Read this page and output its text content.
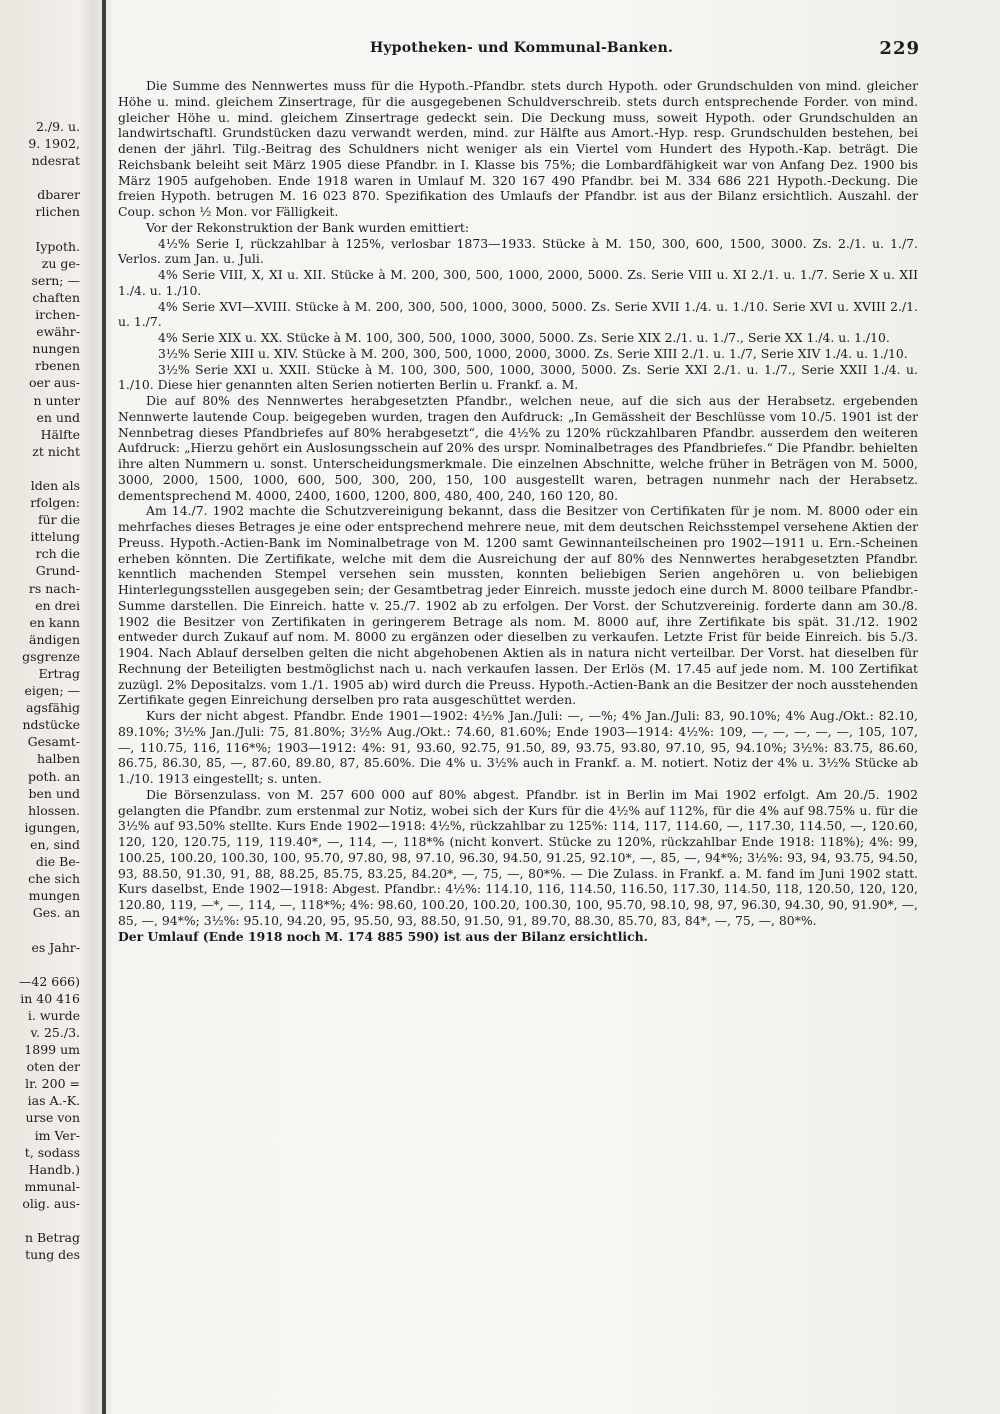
2./9. u.
9. 1902,
ndesrat
dbarer
rlichen
Iypoth.
zu ge-
sern; —
chaften
irchen-
ewähr-
nungen
rbenen
oer aus-
n unter
en und
Hälfte
zt nicht
lden als
rfolgen:
für die
ittelung
rch die
Grund-
rs nach-
en drei
en kann
ändigen
gsgrenze
Ertrag
eigen; —
agsfähig
ndstücke
Gesamt-
halben
poth. an
ben und
hlossen.
igungen,
en, sind
die Be-
che sich
mungen
Ges. an
es Jahr-
—42 666)
in 40 416
i. wurde
v. 25./3.
1899 um
oten der
lr. 200 =
ias A.-K.
urse von
im Ver-
t, sodass
Handb.)
mmunal-
olig. aus-
n Betrag
tung des
Hypotheken- und Kommunal-Banken.	229

Die Summe des Nennwertes muss für die Hypoth.-Pfandbr. stets durch Hypoth. oder Grundschulden von mind. gleicher Höhe u. mind. gleichem Zinsertrage, für die ausgegebenen Schuldverschreib. stets durch entsprechende Forder. von mind. gleicher Höhe u. mind. gleichem Zinsertrage gedeckt sein. Die Deckung muss, soweit Hypoth. oder Grundschulden an landwirtschaftl. Grundstücken dazu verwandt werden, mind. zur Hälfte aus Amort.-Hyp. resp. Grundschulden bestehen, bei denen der jährl. Tilg.-Beitrag des Schuldners nicht weniger als ein Viertel vom Hundert des Hypoth.-Kap. beträgt. Die Reichsbank beleiht seit März 1905 diese Pfandbr. in I. Klasse bis 75%; die Lombardfähigkeit war von Anfang Dez. 1900 bis März 1905 aufgehoben. Ende 1918 waren in Umlauf M. 320 167 490 Pfandbr. bei M. 334 686 221 Hypoth.-Deckung. Die freien Hypoth. betrugen M. 16 023 870. Spezifikation des Umlaufs der Pfandbr. ist aus der Bilanz ersichtlich. Auszahl. der Coup. schon ½ Mon. vor Fälligkeit.

Vor der Rekonstruktion der Bank wurden emittiert:

4½% Serie I, rückzahlbar à 125%, verlosbar 1873—1933. Stücke à M. 150, 300, 600, 1500, 3000. Zs. 2./1. u. 1./7. Verlos. zum Jan. u. Juli.

4% Serie VIII, X, XI u. XII. Stücke à M. 200, 300, 500, 1000, 2000, 5000. Zs. Serie VIII u. XI 2./1. u. 1./7. Serie X u. XII 1./4. u. 1./10.

4% Serie XVI—XVIII. Stücke à M. 200, 300, 500, 1000, 3000, 5000. Zs. Serie XVII 1./4. u. 1./10. Serie XVI u. XVIII 2./1. u. 1./7.

4% Serie XIX u. XX. Stücke à M. 100, 300, 500, 1000, 3000, 5000. Zs. Serie XIX 2./1. u. 1./7., Serie XX 1./4. u. 1./10.

3½% Serie XIII u. XIV. Stücke à M. 200, 300, 500, 1000, 2000, 3000. Zs. Serie XIII 2./1. u. 1./7, Serie XIV 1./4. u. 1./10.

3½% Serie XXI u. XXII. Stücke à M. 100, 300, 500, 1000, 3000, 5000. Zs. Serie XXI 2./1. u. 1./7., Serie XXII 1./4. u. 1./10. Diese hier genannten alten Serien notierten Berlin u. Frankf. a. M.

Die auf 80% des Nennwertes herabgesetzten Pfandbr., welchen neue, auf die sich aus der Herabsetz. ergebenden Nennwerte lautende Coup. beigegeben wurden, tragen den Aufdruck: „In Gemässheit der Beschlüsse vom 10./5. 1901 ist der Nennbetrag dieses Pfandbriefes auf 80% herabgesetzt“, die 4½% zu 120% rückzahlbaren Pfandbr. ausserdem den weiteren Aufdruck: „Hierzu gehört ein Auslosungsschein auf 20% des urspr. Nominalbetrages des Pfandbriefes.“ Die Pfandbr. behielten ihre alten Nummern u. sonst. Unterscheidungsmerkmale. Die einzelnen Abschnitte, welche früher in Beträgen von M. 5000, 3000, 2000, 1500, 1000, 600, 500, 300, 200, 150, 100 ausgestellt waren, betragen nunmehr nach der Herabsetz. dementsprechend M. 4000, 2400, 1600, 1200, 800, 480, 400, 240, 160 120, 80.

Am 14./7. 1902 machte die Schutzvereinigung bekannt, dass die Besitzer von Certifikaten für je nom. M. 8000 oder ein mehrfaches dieses Betrages je eine oder entsprechend mehrere neue, mit dem deutschen Reichsstempel versehene Aktien der Preuss. Hypoth.-Actien-Bank im Nominalbetrage von M. 1200 samt Gewinnanteilscheinen pro 1902—1911 u. Ern.-Scheinen erheben könnten. Die Zertifikate, welche mit dem die Ausreichung der auf 80% des Nennwertes herabgesetzten Pfandbr. kenntlich machenden Stempel versehen sein mussten, konnten beliebigen Serien angehören u. von beliebigen Hinterlegungsstellen ausgegeben sein; der Gesamtbetrag jeder Einreich. musste jedoch eine durch M. 8000 teilbare Pfandbr.-Summe darstellen. Die Einreich. hatte v. 25./7. 1902 ab zu erfolgen. Der Vorst. der Schutzvereinig. forderte dann am 30./8. 1902 die Besitzer von Zertifikaten in geringerem Betrage als nom. M. 8000 auf, ihre Zertifikate bis spät. 31./12. 1902 entweder durch Zukauf auf nom. M. 8000 zu ergänzen oder dieselben zu verkaufen. Letzte Frist für beide Einreich. bis 5./3. 1904. Nach Ablauf derselben gelten die nicht abgehobenen Aktien als in natura nicht verteilbar. Der Vorst. hat dieselben für Rechnung der Beteiligten bestmöglichst nach u. nach verkaufen lassen. Der Erlös (M. 17.45 auf jede nom. M. 100 Zertifikat zuzügl. 2% Depositalzs. vom 1./1. 1905 ab) wird durch die Preuss. Hypoth.-Actien-Bank an die Besitzer der noch ausstehenden Zertifikate gegen Einreichung derselben pro rata ausgeschüttet werden.

Kurs der nicht abgest. Pfandbr. Ende 1901—1902: 4½% Jan./Juli: —, —%; 4% Jan./Juli: 83, 90.10%; 4% Aug./Okt.: 82.10, 89.10%; 3½% Jan./Juli: 75, 81.80%; 3½% Aug./Okt.: 74.60, 81.60%; Ende 1903—1914: 4½%: 109, —, —, —, —, —, 105, 107, —, 110.75, 116, 116*%; 1903—1912: 4%: 91, 93.60, 92.75, 91.50, 89, 93.75, 93.80, 97.10, 95, 94.10%; 3½%: 83.75, 86.60, 86.75, 86.30, 85, —, 87.60, 89.80, 87, 85.60%. Die 4% u. 3½% auch in Frankf. a. M. notiert. Notiz der 4% u. 3½% Stücke ab 1./10. 1913 eingestellt; s. unten.

Die Börsenzulass. von M. 257 600 000 auf 80% abgest. Pfandbr. ist in Berlin im Mai 1902 erfolgt. Am 20./5. 1902 gelangten die Pfandbr. zum erstenmal zur Notiz, wobei sich der Kurs für die 4½% auf 112%, für die 4% auf 98.75% u. für die 3½% auf 93.50% stellte. Kurs Ende 1902—1918: 4½%, rückzahlbar zu 125%: 114, 117, 114.60, —, 117.30, 114.50, —, 120.60, 120, 120, 120.75, 119, 119.40*, —, 114, —, 118*% (nicht konvert. Stücke zu 120%, rückzahlbar Ende 1918: 118%); 4%: 99, 100.25, 100.20, 100.30, 100, 95.70, 97.80, 98, 97.10, 96.30, 94.50, 91.25, 92.10*, —, 85, —, 94*%; 3½%: 93, 94, 93.75, 94.50, 93, 88.50, 91.30, 91, 88, 88.25, 85.75, 83.25, 84.20*, —, 75, —, 80*%. — Die Zulass. in Frankf. a. M. fand im Juni 1902 statt. Kurs daselbst, Ende 1902—1918: Abgest. Pfandbr.: 4½%: 114.10, 116, 114.50, 116.50, 117.30, 114.50, 118, 120.50, 120, 120, 120.80, 119, —*, —, 114, —, 118*%; 4%: 98.60, 100.20, 100.20, 100.30, 100, 95.70, 98.10, 98, 97, 96.30, 94.30, 90, 91.90*, —, 85, —, 94*%; 3½%: 95.10, 94.20, 95, 95.50, 93, 88.50, 91.50, 91, 89.70, 88.30, 85.70, 83, 84*, —, 75, —, 80*%.

Der Umlauf (Ende 1918 noch M. 174 885 590) ist aus der Bilanz ersichtlich.
